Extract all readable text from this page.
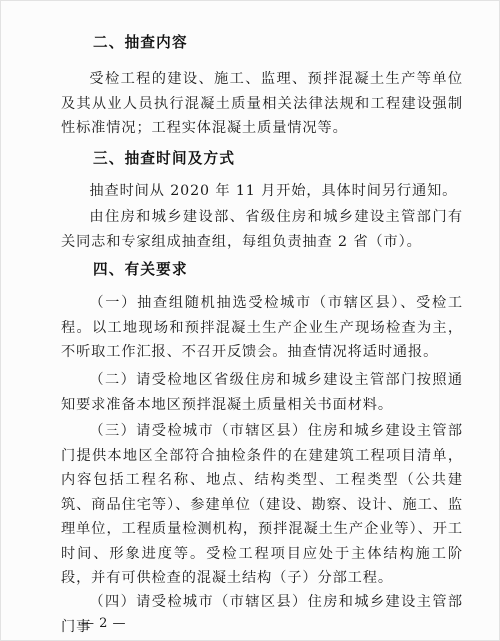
二、抽查内容

受检工程的建设、施工、监理、预拌混凝土生产等单位及其从业人员执行混凝土质量相关法律法规和工程建设强制性标准情况；工程实体混凝土质量情况等。

三、抽查时间及方式

抽查时间从 2020 年 11 月开始，具体时间另行通知。

由住房和城乡建设部、省级住房和城乡建设主管部门有关同志和专家组成抽查组，每组负责抽查 2 省（市）。

四、有关要求

（一）抽查组随机抽选受检城市（市辖区县）、受检工程。以工地现场和预拌混凝土生产企业生产现场检查为主，不听取工作汇报、不召开反馈会。抽查情况将适时通报。

（二）请受检地区省级住房和城乡建设主管部门按照通知要求准备本地区预拌混凝土质量相关书面材料。

（三）请受检城市（市辖区县）住房和城乡建设主管部门提供本地区全部符合抽检条件的在建建筑工程项目清单，内容包括工程名称、地点、结构类型、工程类型（公共建筑、商品住宅等）、参建单位（建设、勘察、设计、施工、监理单位，工程质量检测机构，预拌混凝土生产企业等）、开工时间、形象进度等。受检工程项目应处于主体结构施工阶段，并有可供检查的混凝土结构（子）分部工程。

（四）请受检城市（市辖区县）住房和城乡建设主管部门事

— 2 —
